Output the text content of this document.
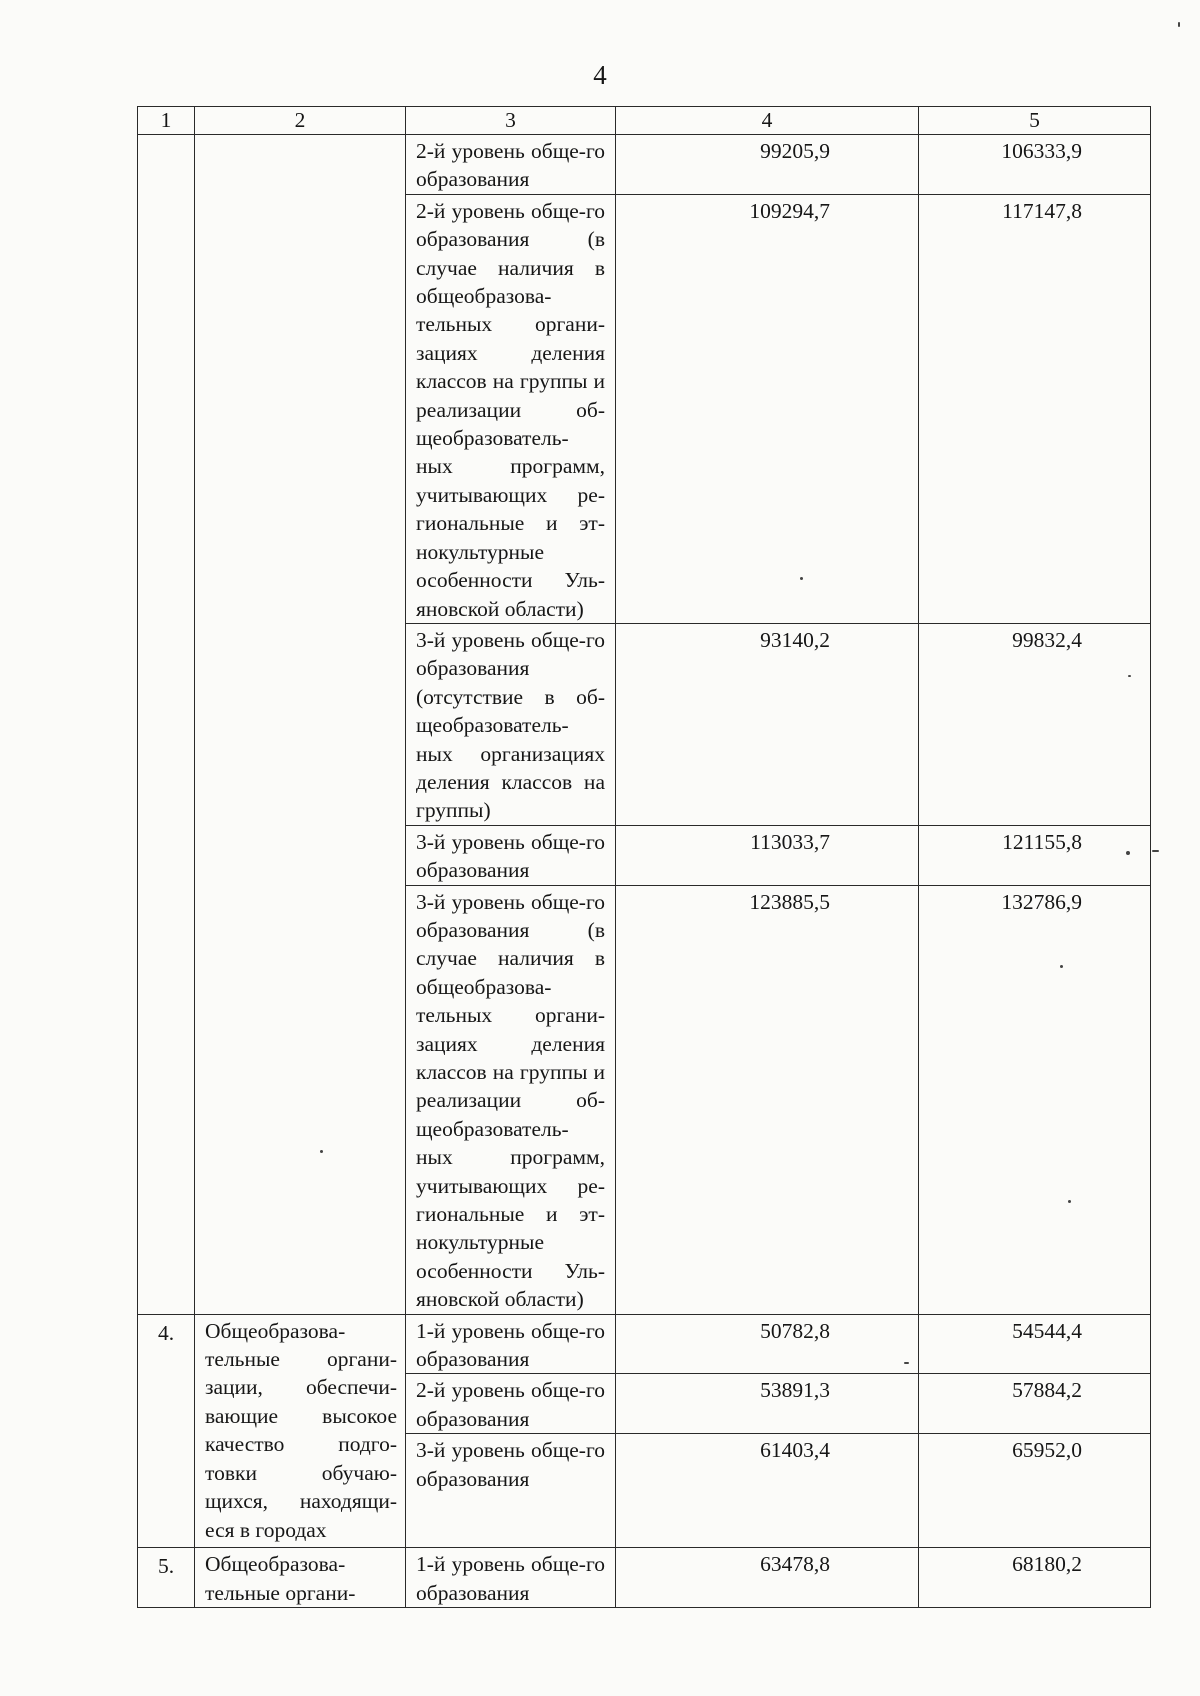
4
1	2	3	4	5

		2-й уровень обще-го образования	99205,9	106333,9

		2-й уровень обще-го образования (в случае наличия в общеобразова-тельных органи-зациях деления классов на группы и реализации об-щеобразователь-ных программ, учитывающих ре-гиональные и эт-нокультурные особенности Уль-яновской области)	109294,7	117147,8

		3-й уровень обще-го образования (отсутствие в об-щеобразователь-ных организациях деления классов на группы)	93140,2	99832,4

		3-й уровень обще-го образования	113033,7	121155,8

		3-й уровень обще-го образования (в случае наличия в общеобразова-тельных органи-зациях деления классов на группы и реализации об-щеобразователь-ных программ, учитывающих ре-гиональные и эт-нокультурные особенности Уль-яновской области)	123885,5	132786,9

4.	Общеобразова-тельные органи-зации, обеспечи-вающие высокое качество подго-товки обучаю-щихся, находящи-еся в городах	1-й уровень обще-го образования	50782,8	54544,4

		2-й уровень обще-го образования	53891,3	57884,2

		3-й уровень обще-го образования	61403,4	65952,0

5.	Общеобразова-тельные органи-	1-й уровень обще-го образования	63478,8	68180,2
